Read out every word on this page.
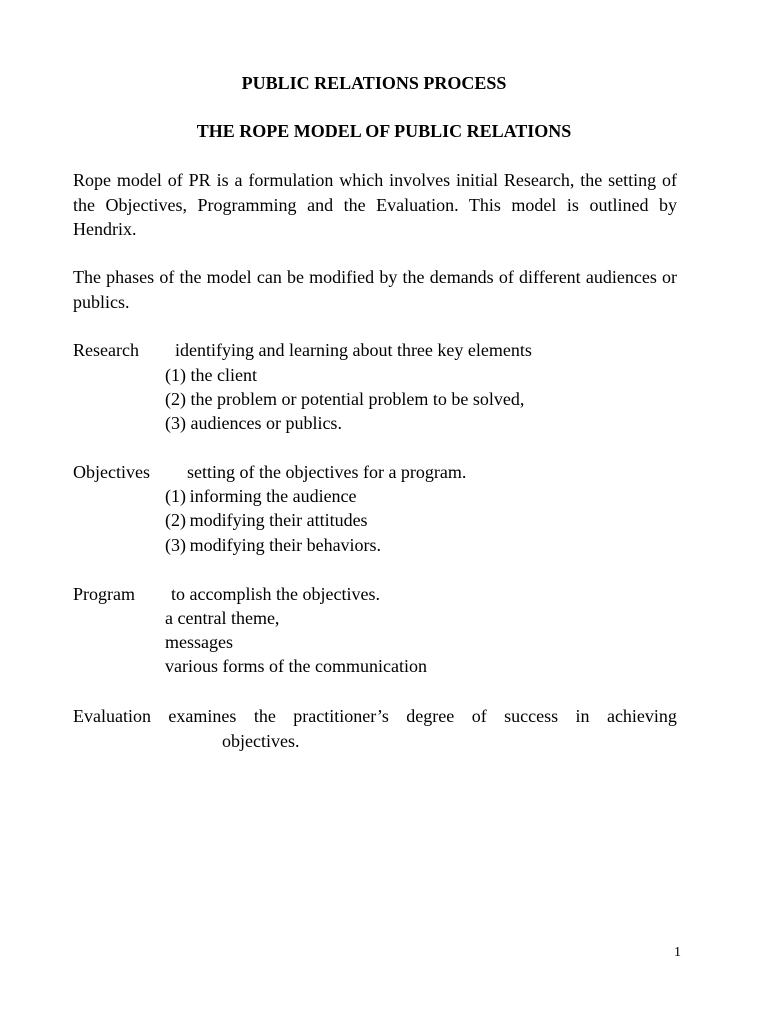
PUBLIC RELATIONS PROCESS
THE ROPE MODEL OF PUBLIC RELATIONS

Rope model of PR is a formulation which involves initial Research, the setting of the Objectives, Programming and the Evaluation. This model is outlined by Hendrix.

The phases of the model can be modified by the demands of different audiences or publics.

Research identifying and learning about three key elements

(1) the client

(2) the problem or potential problem to be solved,

(3) audiences or publics.

Objectives setting of the objectives for a program.

(1) informing the audience

(2) modifying their attitudes

(3) modifying their behaviors.

Program to accomplish the objectives.

a central theme,

messages

various forms of the communication

Evaluation examines the practitioner’s degree of success in achieving
objectives.

1
